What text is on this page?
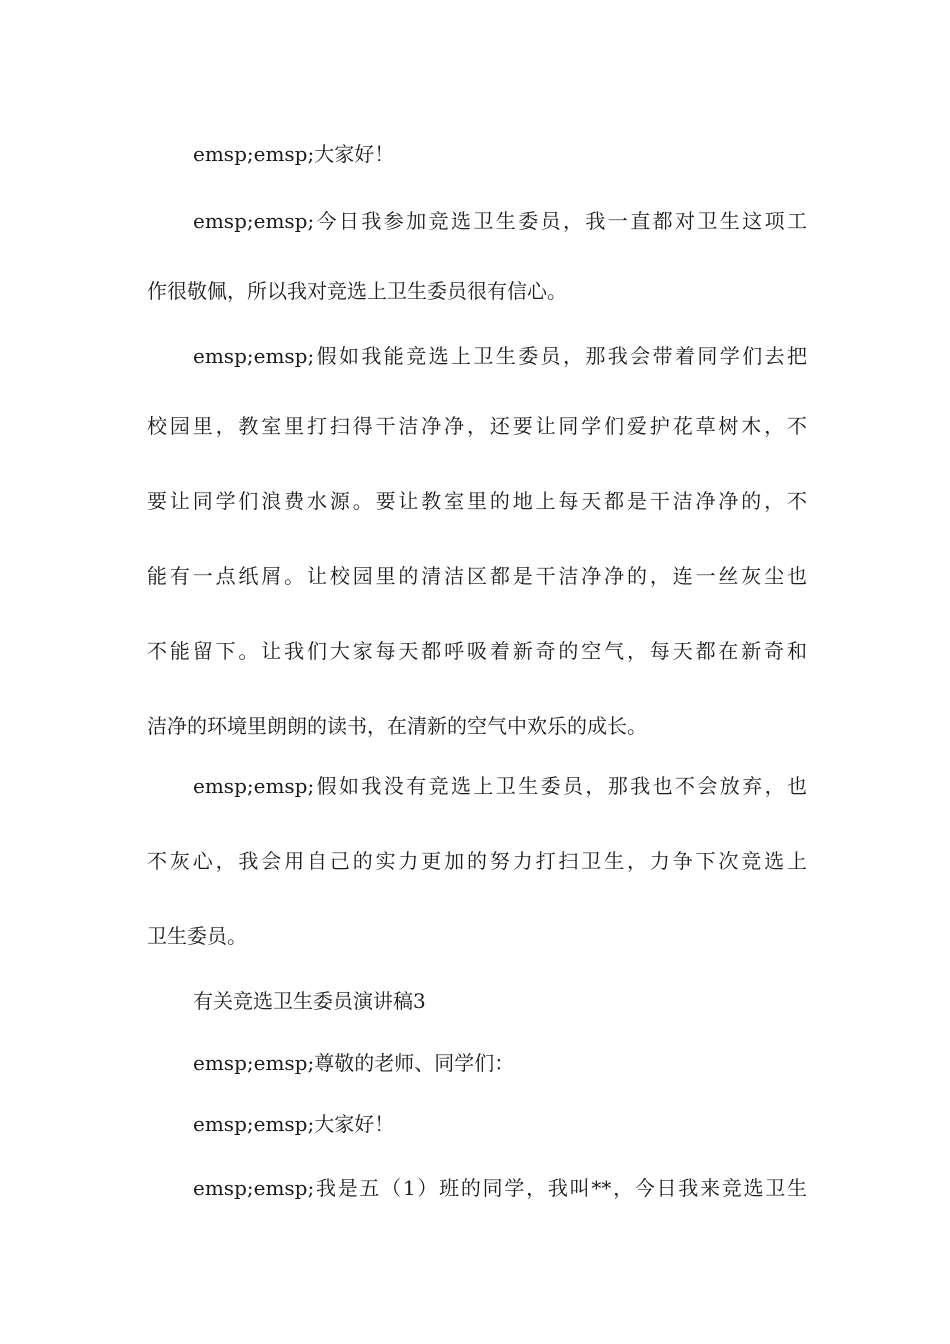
emsp;emsp;大家好！
emsp;emsp;今日我参加竞选卫生委员，我一直都对卫生这项工
作很敬佩，所以我对竞选上卫生委员很有信心。
emsp;emsp;假如我能竞选上卫生委员，那我会带着同学们去把
校园里，教室里打扫得干洁净净，还要让同学们爱护花草树木，不
要让同学们浪费水源。要让教室里的地上每天都是干洁净净的，不
能有一点纸屑。让校园里的清洁区都是干洁净净的，连一丝灰尘也
不能留下。让我们大家每天都呼吸着新奇的空气，每天都在新奇和
洁净的环境里朗朗的读书，在清新的空气中欢乐的成长。
emsp;emsp;假如我没有竞选上卫生委员，那我也不会放弃，也
不灰心，我会用自己的实力更加的努力打扫卫生，力争下次竞选上
卫生委员。
有关竞选卫生委员演讲稿3
emsp;emsp;尊敬的老师、同学们：
emsp;emsp;大家好！
emsp;emsp;我是五（1）班的同学，我叫**，今日我来竞选卫生
